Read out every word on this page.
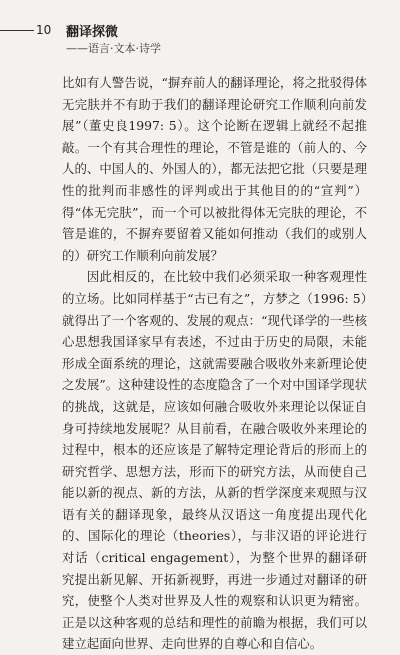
10 翻译探微
——语言·文本·诗学

比如有人警告说，“摒弃前人的翻译理论，将之批驳得体无完肤并不有助于我们的翻译理论研究工作顺利向前发展”（董史良1997: 5）。这个论断在逻辑上就经不起推敲。一个有其合理性的理论，不管是谁的（前人的、今人的、中国人的、外国人的），都无法把它批（只要是理性的批判而非感性的评判或出于其他目的的“宣判”）得“体无完肤”，而一个可以被批得体无完肤的理论，不管是谁的，不摒弃要留着又能如何推动（我们的或别人的）研究工作顺利向前发展？

因此相反的，在比较中我们必须采取一种客观理性的立场。比如同样基于“古已有之”，方梦之（1996: 5）就得出了一个客观的、发展的观点：“现代译学的一些核心思想我国译家早有表述，不过由于历史的局限，未能形成全面系统的理论，这就需要融合吸收外来新理论使之发展”。这种建设性的态度隐含了一个对中国译学现状的挑战，这就是，应该如何融合吸收外来理论以保证自身可持续地发展呢？从目前看，在融合吸收外来理论的过程中，根本的还应该是了解特定理论背后的形而上的研究哲学、思想方法，形而下的研究方法，从而使自己能以新的视点、新的方法，从新的哲学深度来观照与汉语有关的翻译现象，最终从汉语这一角度提出现代化的、国际化的理论（theories），与非汉语的评论进行对话（critical engagement），为整个世界的翻译研究提出新见解、开拓新视野，再进一步通过对翻译的研究，使整个人类对世界及人性的观察和认识更为精密。正是以这种客观的总结和理性的前瞻为根据，我们可以建立起面向世界、走向世界的自尊心和自信心。
